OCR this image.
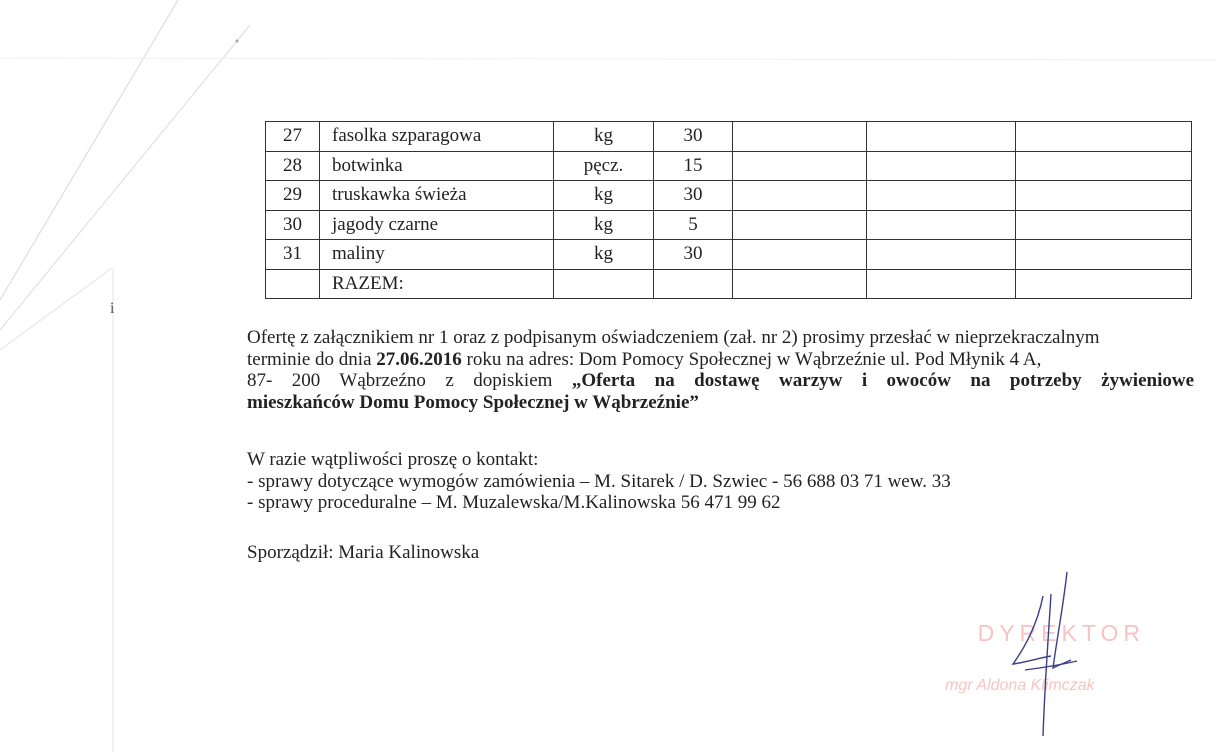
i
27	fasolka szparagowa	kg	30			
28	botwinka	pęcz.	15			
29	truskawka świeża	kg	30			
30	jagody czarne	kg	5			
31	maliny	kg	30			
	RAZEM:					

Ofertę z załącznikiem nr 1 oraz z podpisanym oświadczeniem (zał. nr 2) prosimy przesłać w nieprzekraczalnym

terminie do dnia 27.06.2016 roku na adres: Dom Pomocy Społecznej w Wąbrzeźnie ul. Pod Młynik 4 A,

87- 200 Wąbrzeźno z dopiskiem „Oferta na dostawę warzyw i owoców na potrzeby żywieniowe

mieszkańców Domu Pomocy Społecznej w Wąbrzeźnie”

W razie wątpliwości proszę o kontakt:

- sprawy dotyczące wymogów zamówienia – M. Sitarek / D. Szwiec - 56 688 03 71 wew. 33

- sprawy proceduralne – M. Muzalewska/M.Kalinowska 56 471 99 62

Sporządził: Maria Kalinowska
DYREKTOR
mgr Aldona Klimczak
